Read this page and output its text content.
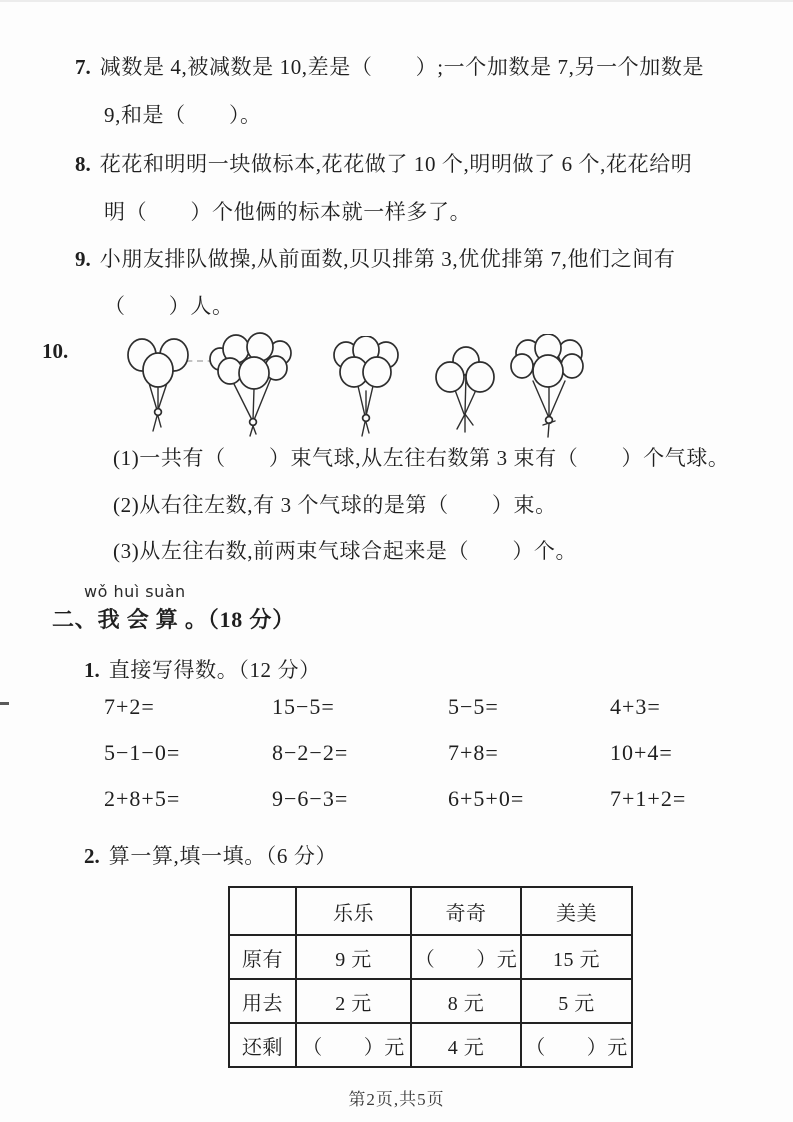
7. 减数是 4,被减数是 10,差是（　　）;一个加数是 7,另一个加数是
9,和是（　　）。
8. 花花和明明一块做标本,花花做了 10 个,明明做了 6 个,花花给明
明（　　）个他俩的标本就一样多了。
9. 小朋友排队做操,从前面数,贝贝排第 3,优优排第 7,他们之间有
（　　）人。
10.
(1)一共有（　　）束气球,从左往右数第 3 束有（　　）个气球。
(2)从右往左数,有 3 个气球的是第（　　）束。
(3)从左往右数,前两束气球合起来是（　　）个。
wǒ huì suàn
二、我 会 算 。（18 分）
1. 直接写得数。（12 分）
7+2=	15−5=	5−5=	4+3=
5−1−0=	8−2−2=	7+8=	10+4=
2+8+5=	9−6−3=	6+5+0=	7+1+2=
2. 算一算,填一填。（6 分）
	乐乐	奇奇	美美
原有	9 元	（　　）元	15 元
用去	2 元	8 元	5 元
还剩	（　　）元	4 元	（　　）元
第2页,共5页
